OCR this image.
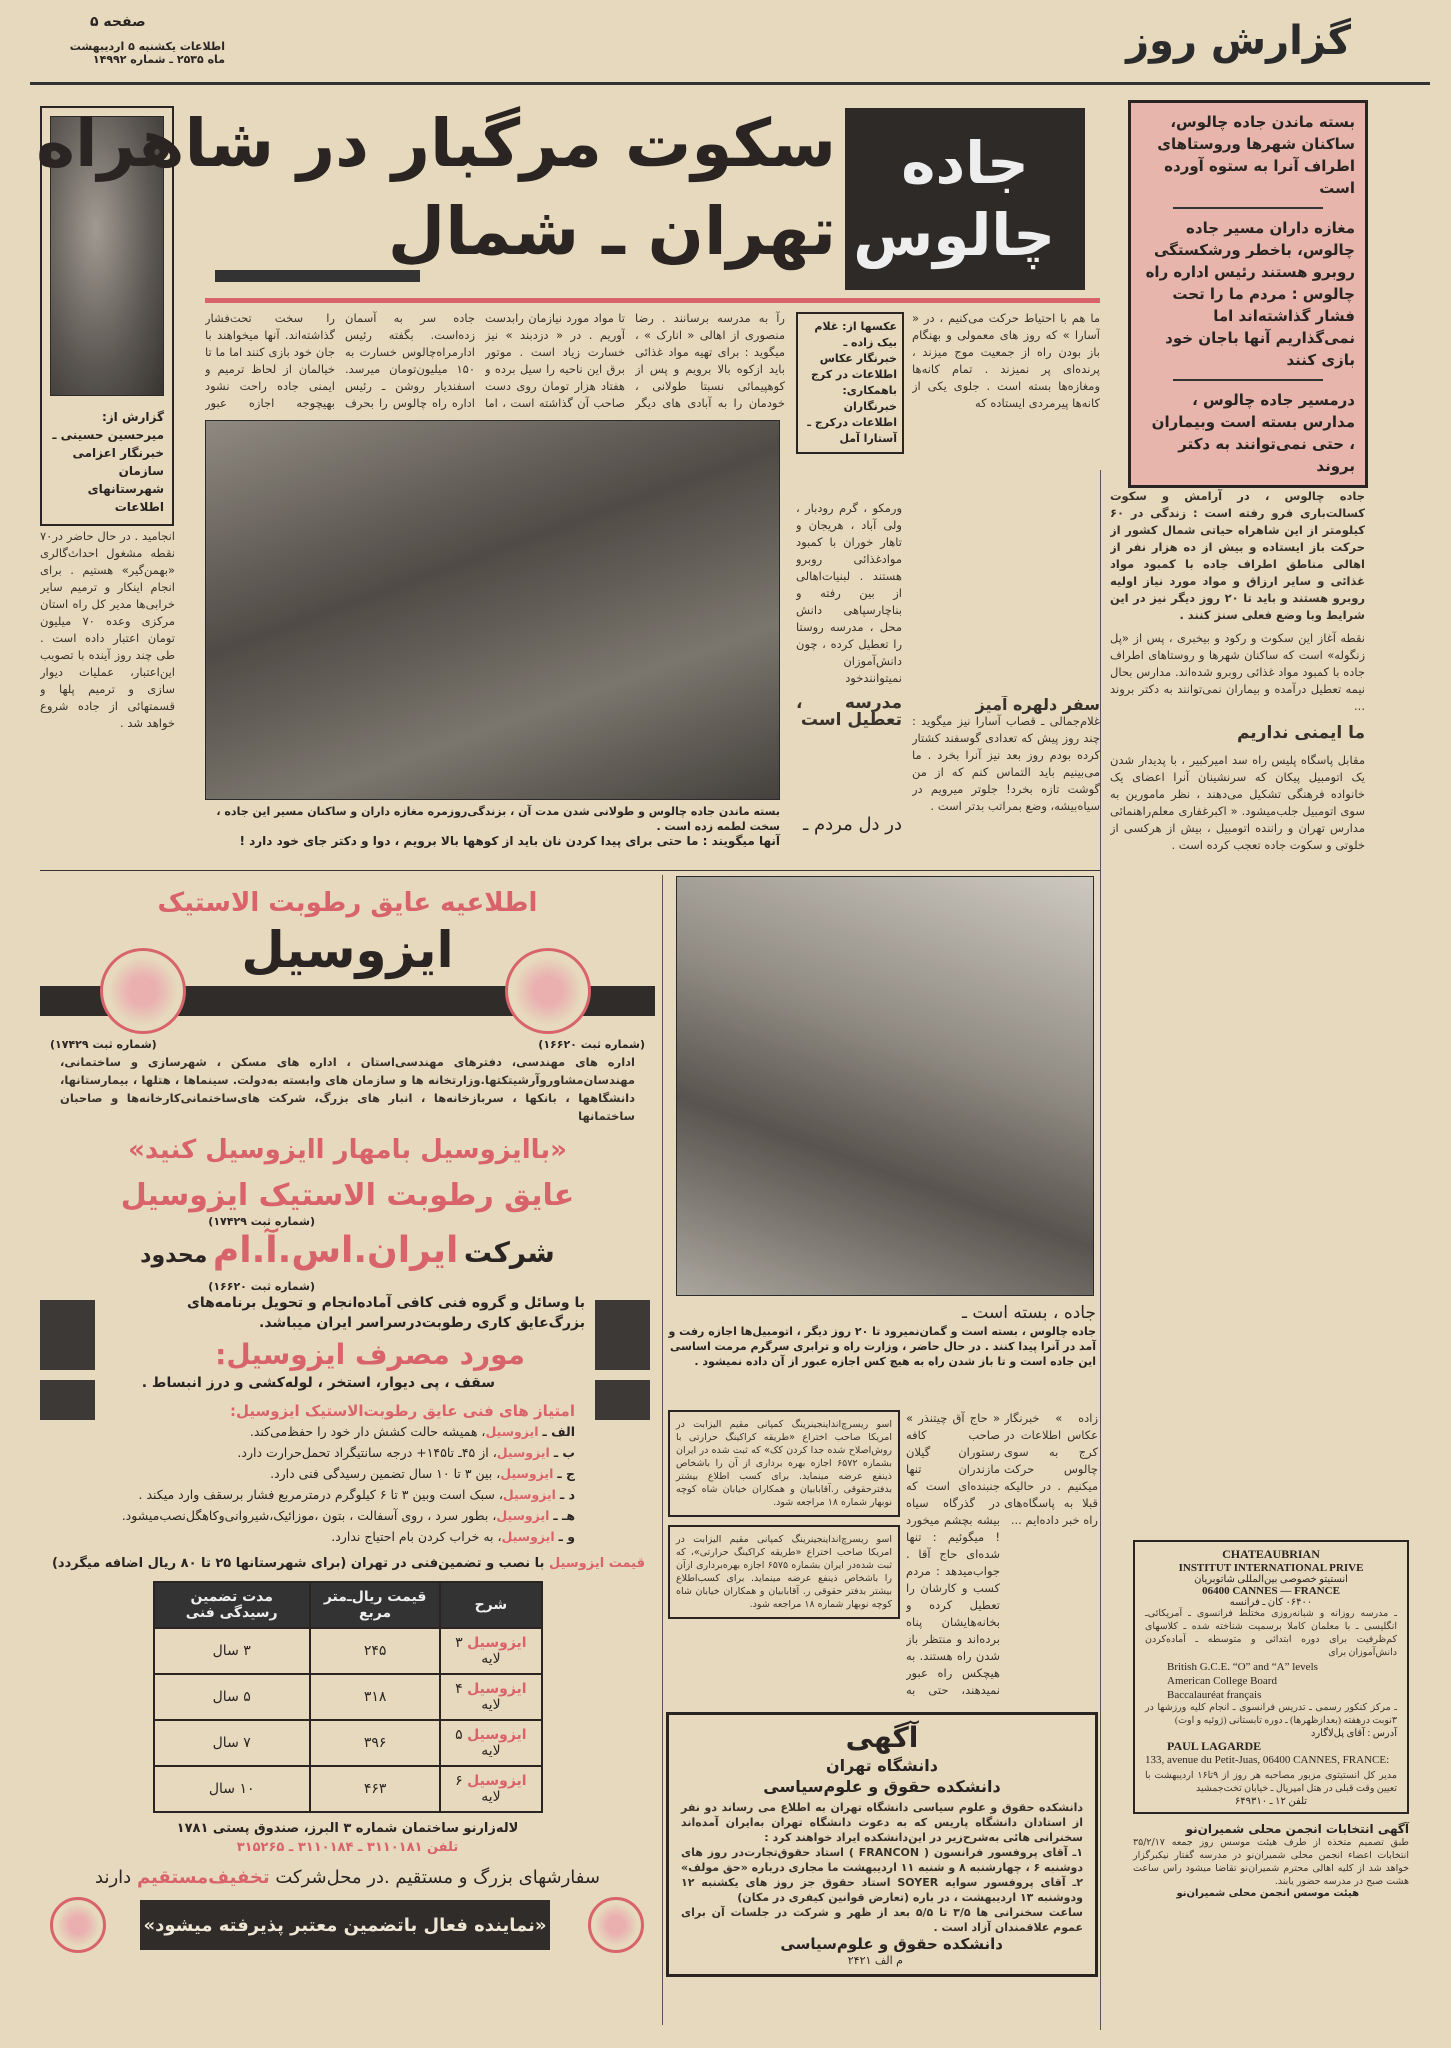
گزارش روز
صفحه ۵
اطلاعات یکشنبه ۵ اردیبهشت
ماه ۲۵۳۵ ـ شماره ۱۴۹۹۲
گزارش از: میرحسین حسینی ـ خبرنگار اعزامی سازمان شهرستانهای اطلاعات
جاده چالوس
سکوت مرگبار در شاهراه
تهران ـ شمال
بسته ماندن جاده چالوس، ساکنان شهرها وروستاهای اطراف آنرا به ستوه آورده است
مغازه داران مسیر جاده چالوس، باخطر ورشکستگی روبرو هستند رئیس اداره راه چالوس : مردم ما را تحت فشار گذاشته‌اند اما نمی‌گذاریم آنها باجان خود بازی کنند
درمسیر جاده چالوس ، مدارس بسته است وبیماران ، حتی نمی‌توانند به دکتر بروند
را سخت تحت‌فشار گذاشته‌اند. آنها میخواهند با جان خود بازی کنند اما ما تا خیالمان از لحاظ ترمیم و ایمنی جاده راحت نشود بهیچوجه اجازه عبور
جاده سر به آسمان زده‌است. بگفته رئیس ادارمراه‌چالوس خسارت به ۱۵۰ میلیون‌تومان میرسد. اسفندیار روشن ـ رئیس اداره راه چالوس را بحرف
تا مواد مورد نیازمان رابدست آوریم . در « دزدبند » نیز خسارت زیاد است . موتور برق این ناحیه را سیل برده و هفتاد هزار تومان روی دست صاحب آن گذاشته است ، اما
رآ به مدرسه برسانند . رضا منصوری از اهالی « انارک » ، میگوید : برای تهیه مواد غذائی باید ازکوه بالا برویم و پس از کوهپیمائی نسبتا طولانی ، خودمان را به آبادی های دیگر
عکسها از: غلام بیک زاده ـ خبرنگار عکاس اطلاعات در کرج باهمکاری: خبرنگاران اطلاعات درکرج ـ آستارا آمل
ما هم با احتیاط حرکت می‌کنیم ، در « آسارا » که روز های معمولی و بهنگام باز بودن راه از جمعیت موج میزند ، پرنده‌ای پر نمیزند . تمام کانه‌ها ومغازه‌ها بسته است . جلوی یکی از کانه‌ها پیرمردی ایستاده که
ورمکو ، گرم رودبار ، ولی آباد ، هریجان و تاهار خوران با کمبود موادغذائی روبرو هستند . لبنیات‌اهالی از بین رفته و بناچارسپاهی دانش محل ، مدرسه روستا را تعطیل کرده ، چون دانش‌آموزان نمیتوانندخود
مدرسه ، تعطیل است
سفر دلهره آمیز
غلام‌جمالی ـ قصاب آسارا نیز میگوید : چند روز پیش که تعدادی گوسفند کشتار کرده بودم روز بعد نیز آنرا بخرد . ما می‌بینیم باید التماس کنم که از من گوشت تازه بخرد! جلوتر میرویم در سیاه‌بیشه، وضع بمراتب بدتر است .
انجامید . در حال حاضر در۷۰ نقطه مشغول احداث‌گالری «بهمن‌گیر» هستیم . برای انجام اینکار و ترمیم سایر خرابی‌ها مدیر کل راه استان مرکزی وعده ۷۰ میلیون تومان اعتبار داده است . طی چند روز آینده با تصویب این‌اعتبار، عملیات دیوار سازی و ترمیم پلها و قسمتهائی از جاده شروع خواهد شد .
بسته ماندن جاده چالوس و طولانی شدن مدت آن ، بزندگی‌روزمره مغازه داران و ساکنان مسیر این جاده ، سخت لطمه زده است .
آنها میگویند : ما حتی برای پیدا کردن نان باید از کوهها بالا برویم ، دوا و دکتر جای خود دارد !
در دل مردم ـ
جاده چالوس ، در آرامش و سکوت کسالت‌باری فرو رفته است : زندگی در ۶۰ کیلومتر از این شاهراه حیاتی شمال کشور از حرکت باز ایستاده و بیش از ده هزار نفر از اهالی مناطق اطراف جاده با کمبود مواد غذائی و سایر ارزاق و مواد مورد نیاز اولیه روبرو هستند و باید تا ۲۰ روز دیگر نیز در این شرایط وبا وضع فعلی سنز کنند .
نقطه آغاز این سکوت و رکود و بیخبری ، پس از «پل زنگوله» است که ساکنان شهرها و روستاهای اطراف جاده با کمبود مواد غذائی روبرو شده‌اند. مدارس بحال نیمه تعطیل درآمده و بیماران نمی‌توانند به دکتر بروند ...
ما ایمنی نداریم
مقابل پاسگاه پلیس راه سد امیرکبیر ، با پدیدار شدن یک اتومبیل پیکان که سرنشینان آنرا اعضای یک خانواده فرهنگی تشکیل می‌دهند ، نظر مامورین به سوی اتومبیل جلب‌میشود. « اکبرغفاری معلم‌راهنمائی مدارس تهران و راننده اتومبیل ، بیش از هرکسی از خلوتی و سکوت جاده تعجب کرده است .
جاده ، بسته است ـ
جاده چالوس ، بسته است و گمان‌نمیرود تا ۲۰ روز دیگر ، اتومبیل‌ها اجازه رفت و آمد در آنرا پیدا کنند . در حال حاضر ، وزارت راه و ترابری سرگرم مرمت اساسی این جاده است و تا باز شدن راه به هیچ کس اجازه عبور از آن داده نمیشود .
اسو ریسرچ‌انداینجینرینگ کمپانی مقیم الیزابت در امریکا صاحب اختراع «طریقه کراکینگ حرارتی با روش‌اصلاح شده جدا کردن کک» که ثبت شده در ایران بشماره ۶۵۷۲ اجازه بهره برداری از آن را باشخاص ذینفع عرضه مینماید. برای کسب اطلاع بیشتر بدفترحقوقی ر.آقابابیان و همکاران خیابان شاه کوچه نوبهار شماره ۱۸ مراجعه شود.
اسو ریسرچ‌انداینجینرینگ کمپانی مقیم الیزابت در امریکا صاحب اختراع «طریقه کراکینگ حرارتی»، که ثبت شده‌در ایران بشماره ۶۵۷۵ اجازه بهره‌برداری ازآن را باشخاص ذینفع عرضه مینماید. برای کسب‌اطلاع بیشتر بدفتر حقوقی ر. آقابابیان و همکاران خیابان شاه کوچه نوبهار شماره ۱۸ مراجعه شود.
زاده » خبرنگار عکاس اطلاعات در کرج به سوی چالوس حرکت میکنیم . در حالیکه قبلا به پاسگاه‌های راه خبر داده‌ایم ...
« حاج آق چیتنذر » صاحب کافه رستوران گیلان مازندران تنها جنبنده‌ای است که در گذرگاه سیاه بیشه بچشم میخورد ! میگوئیم : تنها شده‌ای حاج آقا . جواب‌میدهد : مردم کسب و کارشان را تعطیل کرده و بخانه‌هایشان پناه برده‌اند و منتظر باز شدن راه هستند. به هیچکس راه عبور نمیدهند، حتی به
آگهی
دانشگاه تهران
دانشکده حقوق و علوم‌سیاسی
دانشکده حقوق و علوم سیاسی دانشگاه تهران به اطلاع می رساند دو نفر از استادان دانشگاه پاریس که به دعوت دانشگاه تهران به‌ایران آمده‌اند سخنرانی هائی به‌شرح‌زیر در این‌دانشکده ایراد خواهند کرد :
۱ـ آقای پروفسور فرانسون ( FRANCON ) استاد حقوق‌تجارت‌در روز های دوشنبه ۶ ، چهارشنبه ۸ و شنبه ۱۱ اردیبهشت ما مجاری درباره «حق مولف»
۲ـ آقای پروفسور سوایه SOYER استاد حقوق جز روز های یکشنبه ۱۲ ودوشنبه ۱۳ اردیبهشت ، در باره (تعارض قوانین کیفری در مکان)
ساعت سخنرانی ها ۳/۵ تا ۵/۵ بعد از ظهر و شرکت در جلسات آن برای عموم علاقمندان آزاد است .
دانشکده حقوق و علوم‌سیاسی
م الف ۲۴۲۱
CHATEAUBRIAN
INSTITUT INTERNATIONAL PRIVE
انستیتو خصوصی بین‌المللی شاتوبریان
06400 CANNES — FRANCE
۰۶۴۰۰ کان ـ فرانسه
ـ مدرسه روزانه و شبانه‌روزی مختلط فرانسوی ـ آمریکائی‌ـ انگلیسی ـ با معلمان کاملا برسمیت شناخته شده ـ کلاسهای کم‌ظرفیت برای دوره ابتدائی و متوسطه ـ آماده‌کردن دانش‌آموزان برای
British G.C.E. “O” and “A” levels
American College Board
Baccalauréat français
ـ مرکز کنکور رسمی ـ تدریس فرانسوی ـ انجام کلیه ورزشها در ۳نوبت درهفته (بعدازظهرها) ـ دوره تابستانی (ژوئیه و اوت)
آدرس : آقای پل‌لاگارد
PAUL LAGARDE
133, avenue du Petit-Juas, 06400 CANNES, FRANCE:
مدیر کل انستیتوی مزبور مصاحبه هر روز از ۹تا۱۶ اردیبهشت با تعیین وقت قبلی در هتل امپریال ـ خیابان تخت‌جمشید
تلفن ۱۲ ـ ۶۴۹۳۱۰
آگهی انتخابات انجمن محلی شمیران‌نو
طبق تصمیم متخذه از طرف هیئت موسس روز جمعه ۳۵/۲/۱۷ انتخابات اعضاء انجمن محلی شمیران‌نو در مدرسه گفتار نیکبرگزار خواهد شد از کلیه اهالی محترم شمیران‌نو تقاضا میشود راس ساعت هشت صبح در مدرسه حضور یابند.
هیئت موسس انجمن محلی شمیران‌نو
اطلاعیه عایق رطوبت الاستیک
ایزوسیل
(شماره ثبت ۱۷۴۲۹)	(شماره ثبت ۱۶۶۲۰)
اداره های مهندسی، دفترهای مهندسی‌استان ، اداره های مسکن ، شهرسازی و ساختمانی، مهندسان‌مشاوروآرشیتکتها.وزارتخانه ها و سازمان های وابسته به‌دولت. سینماها ، هتلها ، بیمارستانها، دانشگاهها ، بانکها ، سربازخانه‌ها ، انبار های بزرگ، شرکت های‌ساختمانی‌کارخانه‌ها و صاحبان ساختمانها
«باایزوسیل بامهار اایزوسیل کنید»
عایق رطوبت الاستیک ایزوسیل
(شماره ثبت ۱۷۴۲۹)
شرکت ایران.اس.آ.ام محدود
(شماره ثبت ۱۶۶۲۰)
با وسائل و گروه فنی کافی آماده‌انجام و تحویل برنامه‌های بزرگ‌عایق کاری رطوبت‌درسراسر ایران میباشد.
مورد مصرف ایزوسیل:
سقف ، پی دیوار، استخر ، لوله‌کشی و درز انبساط .
امتیاز های فنی عایق رطوبت‌الاستیک ایزوسیل:
الف ـ ایزوسیل، همیشه حالت کشش دار خود را حفظ‌می‌کند.
ب ـ ایزوسیل، از ۴۵ـ تا۱۴۵+ درجه سانتیگراد تحمل‌حرارت دارد.
ج ـ ایزوسیل، بین ۳ تا ۱۰ سال تضمین رسیدگی فنی دارد.
د ـ ایزوسیل، سبک است وبین ۳ تا ۶ کیلوگرم درمترمربع فشار برسقف وارد میکند .
هـ ـ ایزوسیل، بطور سرد ، روی آسفالت ، بتون ،موزائیک،شیروانی‌وکاهگل‌نصب‌میشود.
و ـ ایزوسیل، به‌ خراب کردن بام احتیاج ندارد.
قیمت ایزوسیل با نصب و تضمین‌فنی در تهران (برای شهرستانها ۲۵ تا ۸۰ ریال اضافه میگردد)
شرح	قیمت ریال‌ـ‌متر مربع	مدت تضمین رسیدگی فنی
ایزوسیل ۳ لایه	۲۴۵	۳ سال
ایزوسیل ۴ لایه	۳۱۸	۵ سال
ایزوسیل ۵ لایه	۳۹۶	۷ سال
ایزوسیل ۶ لایه	۴۶۳	۱۰ سال
لاله‌زارنو ساختمان شماره ۳ البرز، صندوق پستی ۱۷۸۱
تلفن ۳۱۱۰۱۸۱ ـ ۳۱۱۰۱۸۴ ـ ۳۱۵۲۶۵
سفارشهای بزرگ و مستقیم .در محل‌شرکت تخفیف‌مستقیم دارند
«نماینده فعال باتضمین معتبر پذیرفته میشود»
